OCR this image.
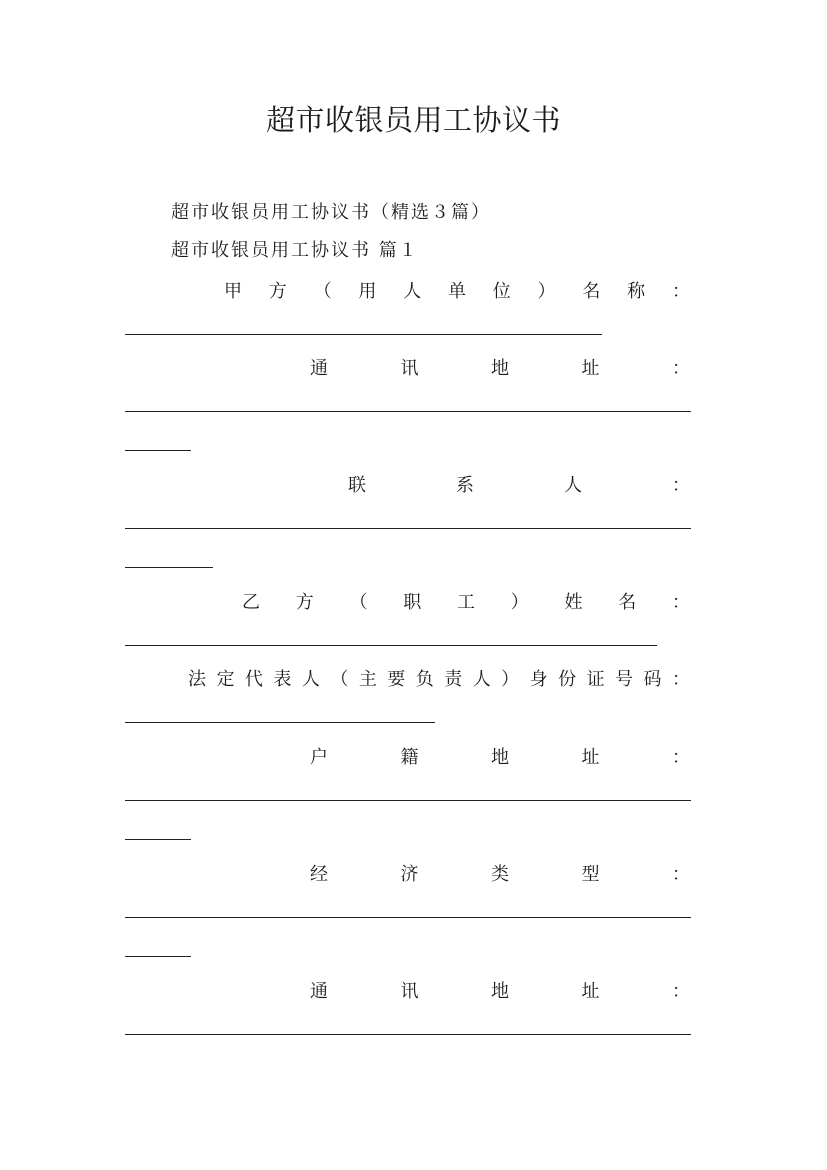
超市收银员用工协议书
超市收银员用工协议书（精选３篇）
超市收银员用工协议书 篇１
甲 方 （ 用 人 单 位 ） 名 称 ：
通	讯	地	址	：
联	系	人	：
乙 方 （ 职 工 ） 姓 名 ：
法 定 代 表 人 （ 主 要 负 责 人 ） 身 份 证 号 码 ：
户	籍	地	址	：
经	济	类	型	：
通	讯	地	址	：
